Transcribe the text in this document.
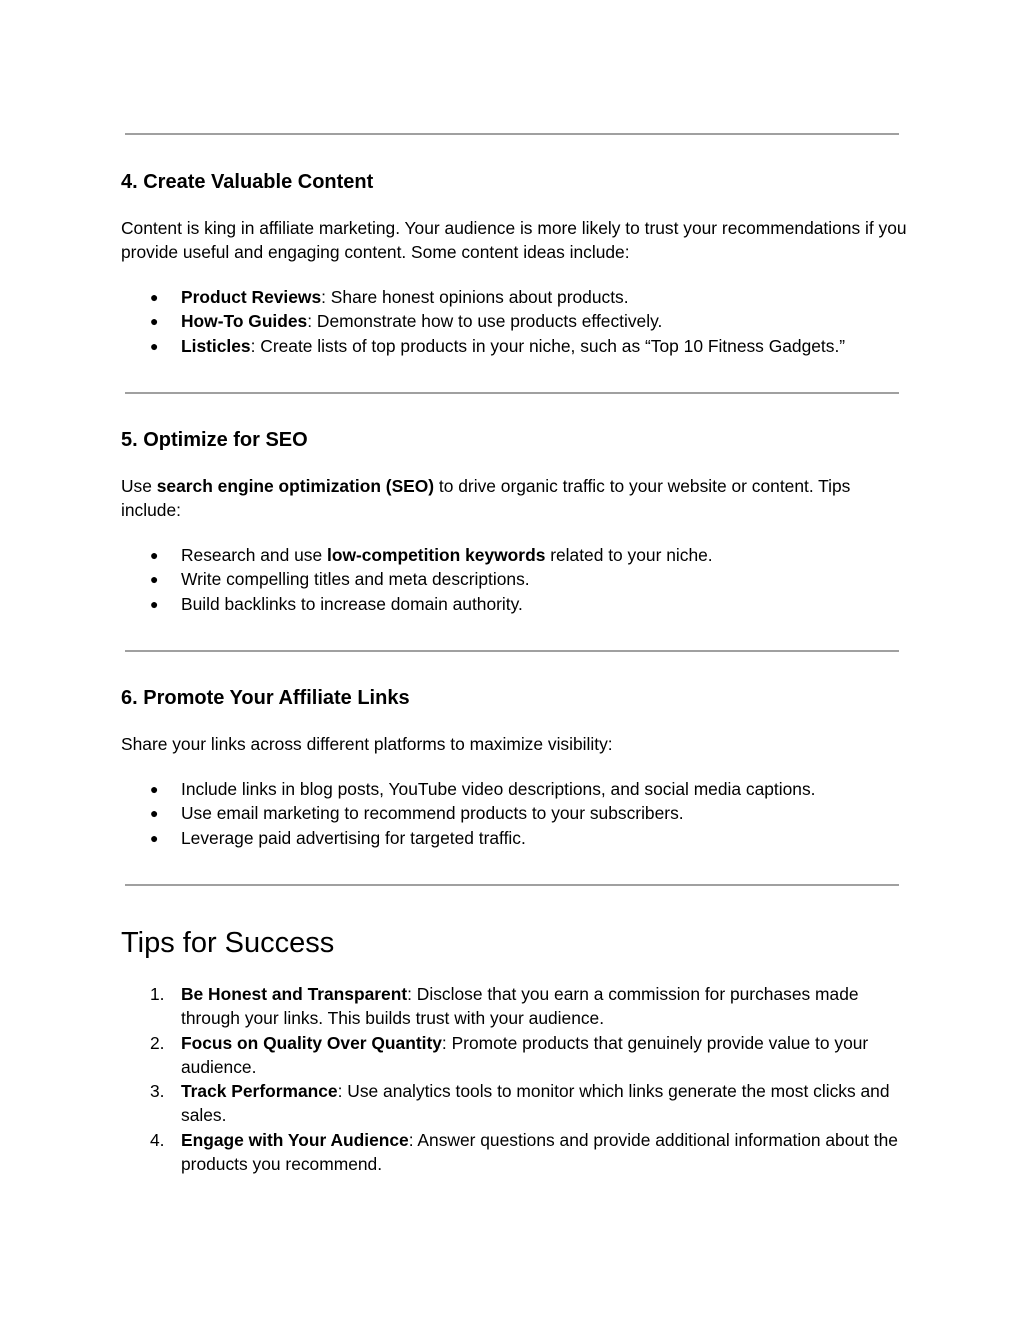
4. Create Valuable Content

Content is king in affiliate marketing. Your audience is more likely to trust your recommendations if you provide useful and engaging content. Some content ideas include:

●	Product Reviews: Share honest opinions about products.
●	How-To Guides: Demonstrate how to use products effectively.
●	Listicles: Create lists of top products in your niche, such as “Top 10 Fitness Gadgets.”
5. Optimize for SEO

Use search engine optimization (SEO) to drive organic traffic to your website or content. Tips include:

●	Research and use low-competition keywords related to your niche.
●	Write compelling titles and meta descriptions.
●	Build backlinks to increase domain authority.
6. Promote Your Affiliate Links

Share your links across different platforms to maximize visibility:

●	Include links in blog posts, YouTube video descriptions, and social media captions.
●	Use email marketing to recommend products to your subscribers.
●	Leverage paid advertising for targeted traffic.
Tips for Success
1. Be Honest and Transparent: Disclose that you earn a commission for purchases made through your links. This builds trust with your audience.
2. Focus on Quality Over Quantity: Promote products that genuinely provide value to your audience.
3. Track Performance: Use analytics tools to monitor which links generate the most clicks and sales.
4. Engage with Your Audience: Answer questions and provide additional information about the products you recommend.
